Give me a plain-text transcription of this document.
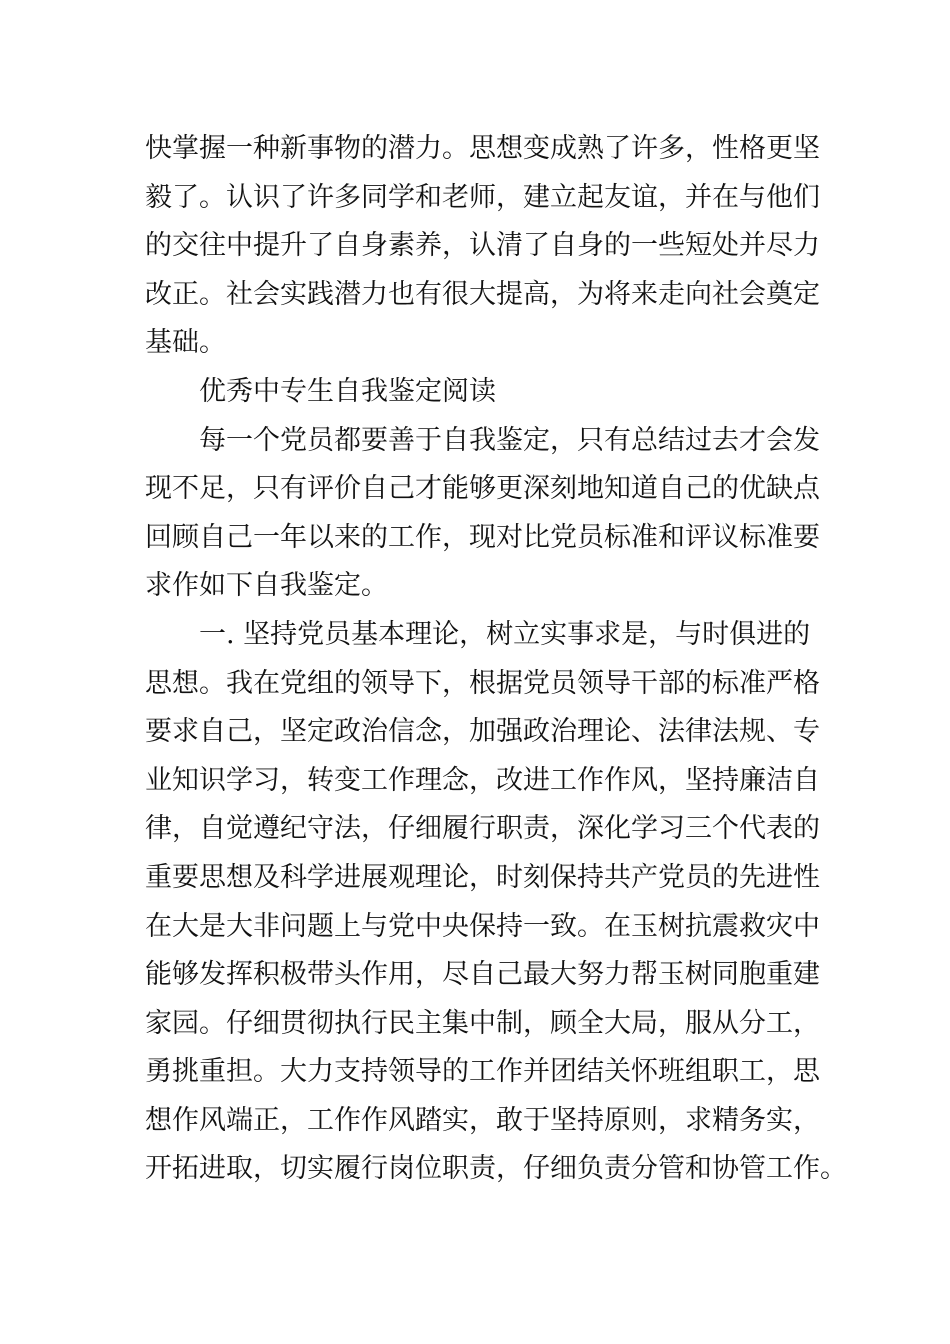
快掌握一种新事物的潜力。思想变成熟了许多，性格更坚
毅了。认识了许多同学和老师，建立起友谊，并在与他们
的交往中提升了自身素养，认清了自身的一些短处并尽力
改正。社会实践潜力也有很大提高，为将来走向社会奠定
基础。
优秀中专生自我鉴定阅读
每一个党员都要善于自我鉴定，只有总结过去才会发
现不足，只有评价自己才能够更深刻地知道自己的优缺点
回顾自己一年以来的工作，现对比党员标准和评议标准要
求作如下自我鉴定。
一. 坚持党员基本理论，树立实事求是，与时俱进的
思想。我在党组的领导下，根据党员领导干部的标准严格
要求自己，坚定政治信念，加强政治理论、法律法规、专
业知识学习，转变工作理念，改进工作作风，坚持廉洁自
律，自觉遵纪守法，仔细履行职责，深化学习三个代表的
重要思想及科学进展观理论，时刻保持共产党员的先进性
在大是大非问题上与党中央保持一致。在玉树抗震救灾中
能够发挥积极带头作用，尽自己最大努力帮玉树同胞重建
家园。仔细贯彻执行民主集中制，顾全大局，服从分工，
勇挑重担。大力支持领导的工作并团结关怀班组职工，思
想作风端正，工作作风踏实，敢于坚持原则，求精务实，
开拓进取，切实履行岗位职责，仔细负责分管和协管工作。
